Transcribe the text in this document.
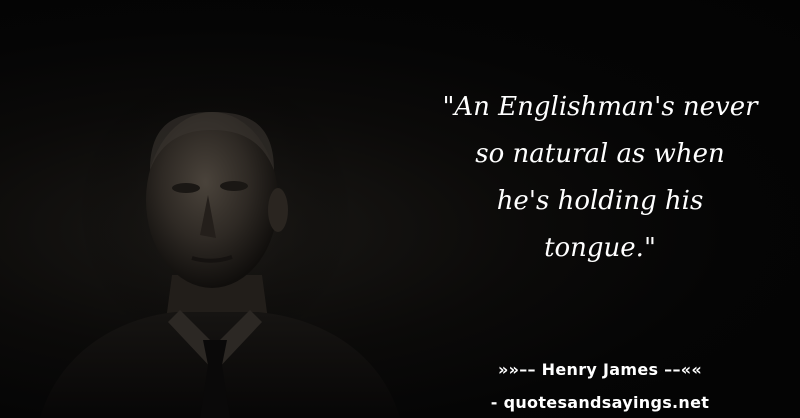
"An Englishman's never
so natural as when
he's holding his
tongue."

»»–– Henry James ––««
- quotesandsayings.net
